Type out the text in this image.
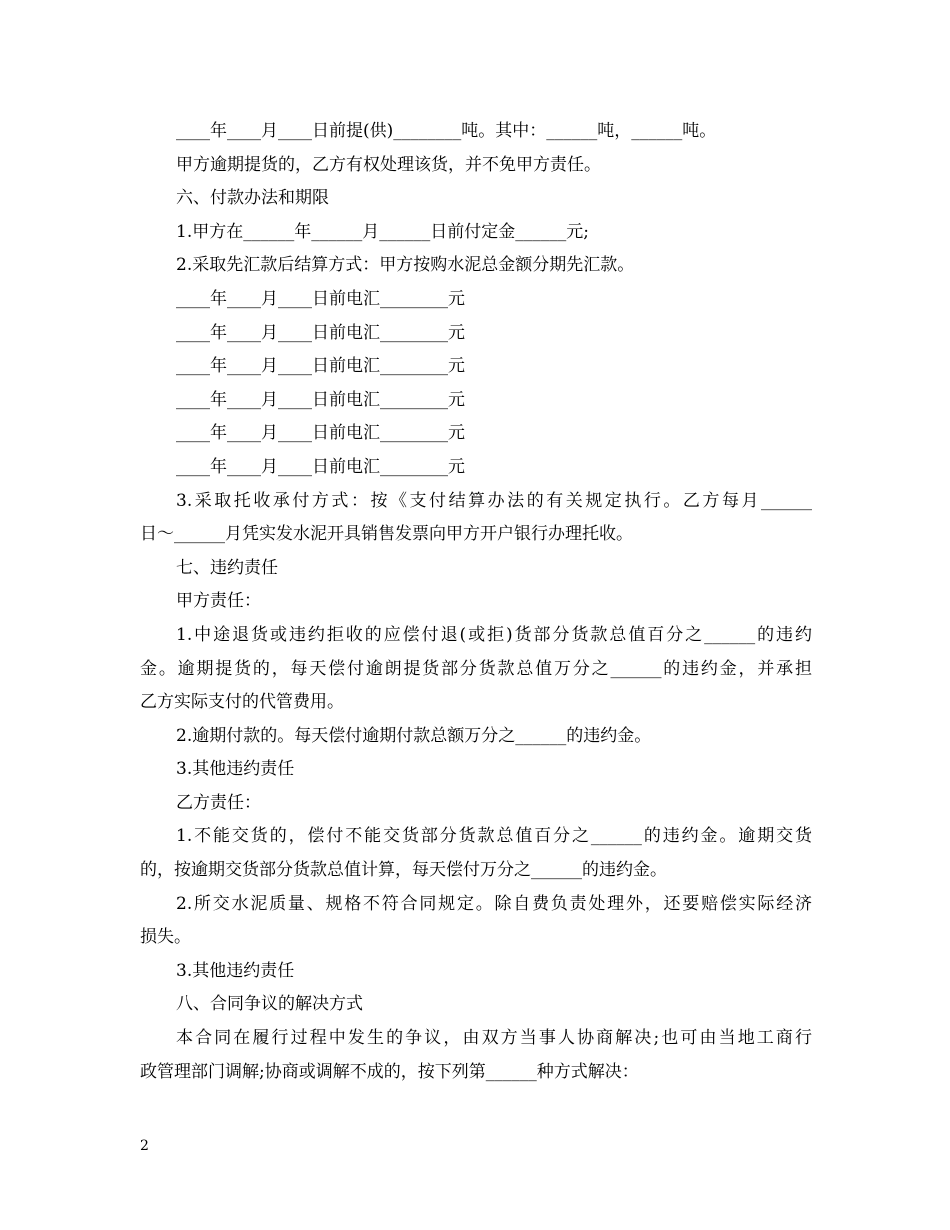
____年____月____日前提(供)________吨。其中：______吨，______吨。
甲方逾期提货的，乙方有权处理该货，并不免甲方责任。
六、付款办法和期限
1.甲方在______年______月______日前付定金______元;
2.采取先汇款后结算方式：甲方按购水泥总金额分期先汇款。
____年____月____日前电汇________元
____年____月____日前电汇________元
____年____月____日前电汇________元
____年____月____日前电汇________元
____年____月____日前电汇________元
____年____月____日前电汇________元
3.采取托收承付方式：按《支付结算办法的有关规定执行。乙方每月______
日～______月凭实发水泥开具销售发票向甲方开户银行办理托收。
七、违约责任
甲方责任：
1.中途退货或违约拒收的应偿付退(或拒)货部分货款总值百分之______的违约
金。逾期提货的，每天偿付逾朗提货部分货款总值万分之______的违约金，并承担
乙方实际支付的代管费用。
2.逾期付款的。每天偿付逾期付款总额万分之______的违约金。
3.其他违约责任
乙方责任：
1.不能交货的，偿付不能交货部分货款总值百分之______的违约金。逾期交货
的，按逾期交货部分货款总值计算，每天偿付万分之______的违约金。
2.所交水泥质量、规格不符合同规定。除自费负责处理外，还要赔偿实际经济
损失。
3.其他违约责任
八、合同争议的解决方式
本合同在履行过程中发生的争议，由双方当事人协商解决;也可由当地工商行
政管理部门调解;协商或调解不成的，按下列第______种方式解决：
2
